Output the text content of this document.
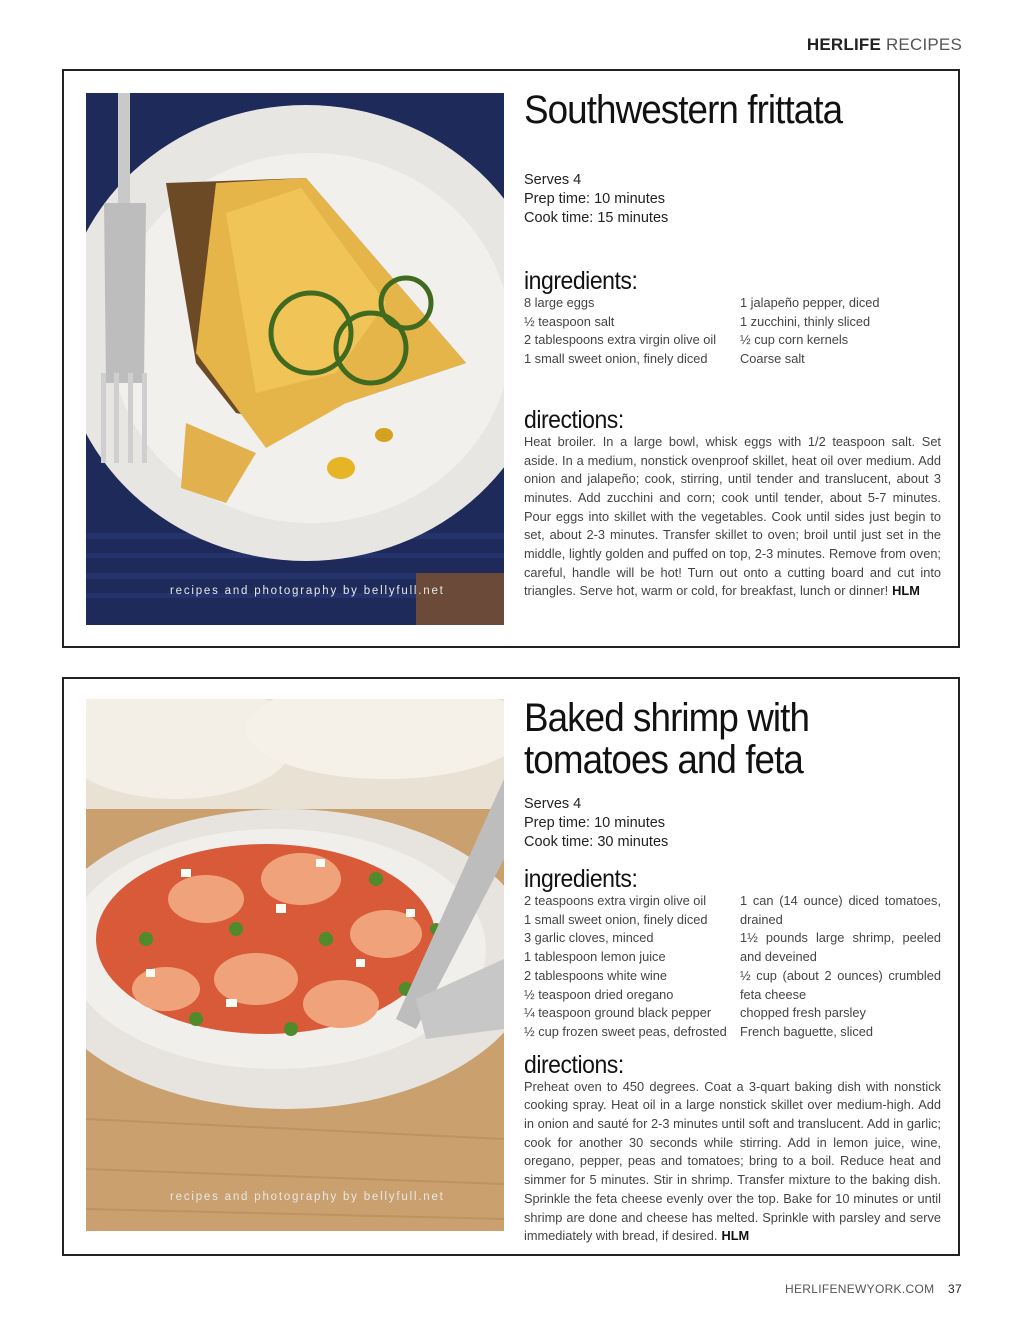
HERLIFE RECIPES
recipes and photography by bellyfull.net
Southwestern frittata
Serves 4
Prep time: 10 minutes
Cook time: 15 minutes
ingredients:
8 large eggs
½ teaspoon salt
2 tablespoons extra virgin olive oil
1 small sweet onion, finely diced
1 jalapeño pepper, diced
1 zucchini, thinly sliced
½ cup corn kernels
Coarse salt
directions:
Heat broiler. In a large bowl, whisk eggs with 1/2 teaspoon salt. Set aside. In a medium, nonstick ovenproof skillet, heat oil over medium. Add onion and jalapeño; cook, stirring, until tender and translucent, about 3 minutes. Add zucchini and corn; cook until tender, about 5-7 minutes. Pour eggs into skillet with the vegetables. Cook until sides just begin to set, about 2-3 minutes. Transfer skillet to oven; broil until just set in the middle, lightly golden and puffed on top, 2-3 minutes. Remove from oven; careful, handle will be hot! Turn out onto a cutting board and cut into triangles. Serve hot, warm or cold, for breakfast, lunch or dinner! HLM
recipes and photography by bellyfull.net
Baked shrimp with
tomatoes and feta
Serves 4
Prep time: 10 minutes
Cook time: 30 minutes
ingredients:
2 teaspoons extra virgin olive oil
1 small sweet onion, finely diced
3 garlic cloves, minced
1 tablespoon lemon juice
2 tablespoons white wine
½ teaspoon dried oregano
¼ teaspoon ground black pepper
½ cup frozen sweet peas, defrosted
1 can (14 ounce) diced tomatoes, drained
1½ pounds large shrimp, peeled and deveined
½ cup (about 2 ounces) crumbled feta cheese
chopped fresh parsley
French baguette, sliced
directions:
Preheat oven to 450 degrees. Coat a 3-quart baking dish with nonstick cooking spray. Heat oil in a large nonstick skillet over medium-high. Add in onion and sauté for 2-3 minutes until soft and translucent. Add in garlic; cook for another 30 seconds while stirring. Add in lemon juice, wine, oregano, pepper, peas and tomatoes; bring to a boil. Reduce heat and simmer for 5 minutes. Stir in shrimp. Transfer mixture to the baking dish. Sprinkle the feta cheese evenly over the top. Bake for 10 minutes or until shrimp are done and cheese has melted. Sprinkle with parsley and serve immediately with bread, if desired. HLM
HERLIFENEWYORK.COM 37
